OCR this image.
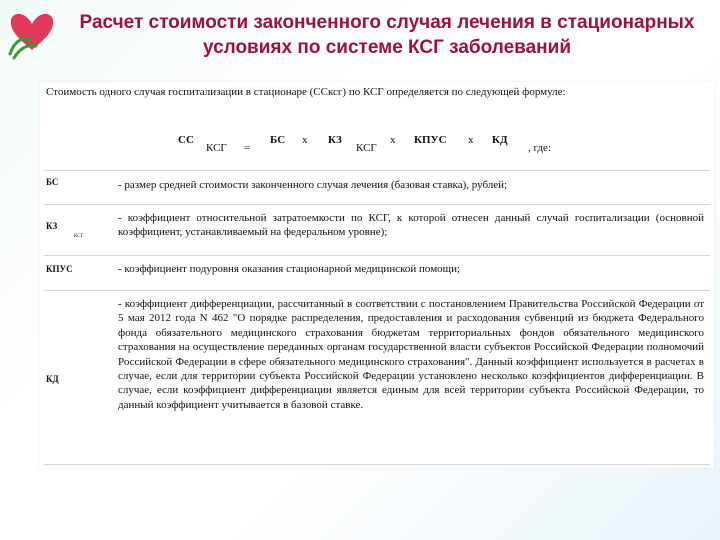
Расчет стоимости законченного случая лечения в стационарных
условиях по системе КСГ заболеваний
Стоимость одного случая госпитализации в стационаре (ССксг) по КСГ определяется по следующей формуле:
СС
КСГ =
БС х КЗ
КСГ
х КПУС х КД
, где:
БС	- размер средней стоимости законченного случая лечения (базовая ставка), рублей;
КЗ
КСГ
- коэффициент относительной затратоемкости по КСГ, к которой отнесен данный случай госпитализации (основной коэффициент, устанавливаемый на федеральном уровне);
КПУС	- коэффициент подуровня оказания стационарной медицинской помощи;
КД
- коэффициент дифференциации, рассчитанный в соответствии с постановлением Правительства Российской Федерации от 5 мая 2012 года N 462 "О порядке распределения, предоставления и расходования субвенций из бюджета Федерального фонда обязательного медицинского страхования бюджетам территориальных фондов обязательного медицинского страхования на осуществление переданных органам государственной власти субъектов Российской Федерации полномочий Российской Федерации в сфере обязательного медицинского страхования". Данный коэффициент используется в расчетах в случае, если для территории субъекта Российской Федерации установлено несколько коэффициентов дифференциации. В случае, если коэффициент дифференциации является единым для всей территории субъекта Российской Федерации, то данный коэффициент учитывается в базовой ставке.
